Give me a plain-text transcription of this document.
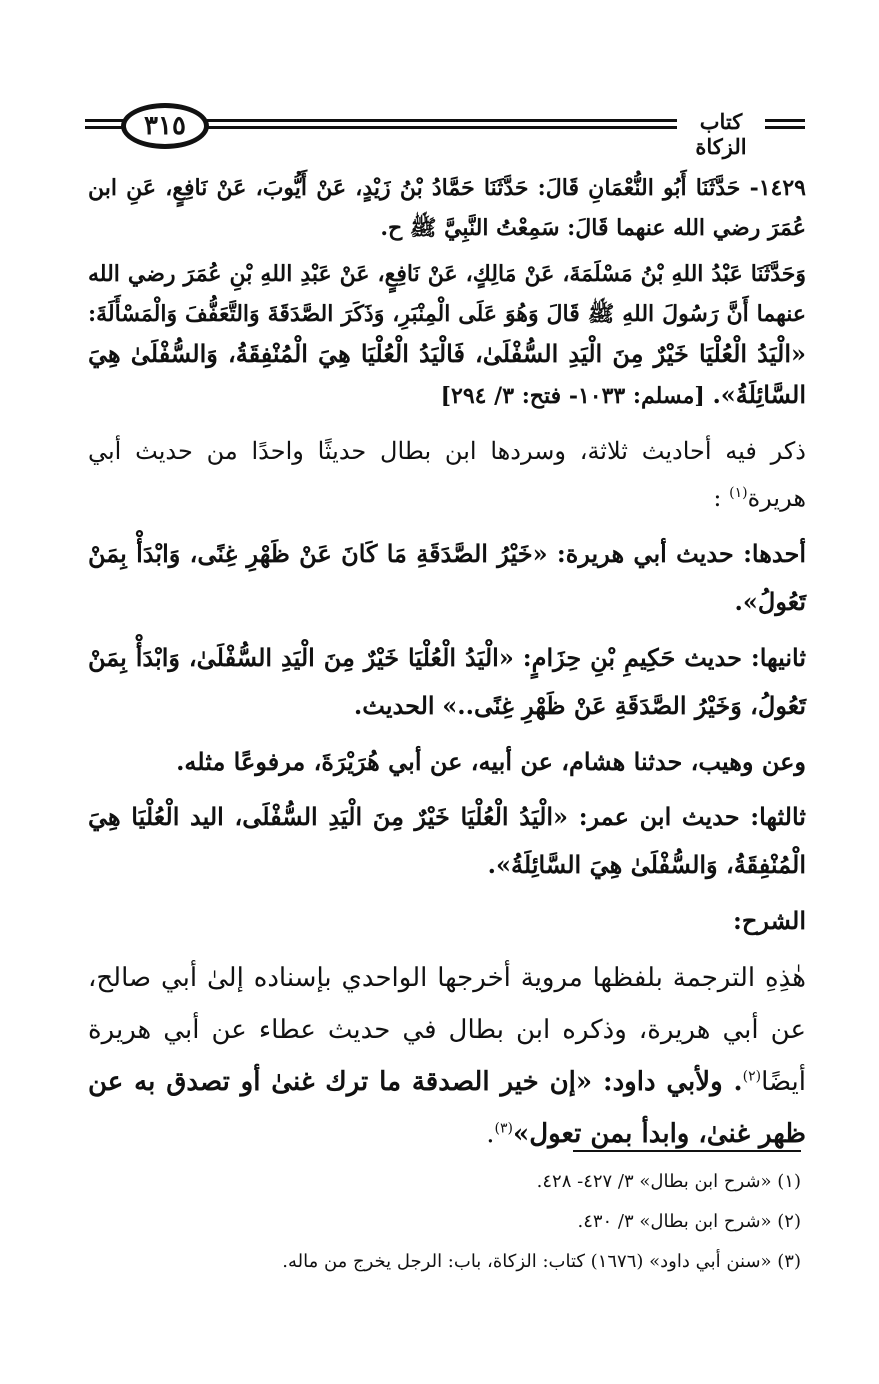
٣١٥	كتاب الزكاة

١٤٢٩- حَدَّثَنَا أَبُو النُّعْمَانِ قَالَ: حَدَّثَنَا حَمَّادُ بْنُ زَيْدٍ، عَنْ أَيُّوبَ، عَنْ نَافِعٍ، عَنِ ابن عُمَرَ رضي الله عنهما قَالَ: سَمِعْتُ النَّبِيَّ ﷺ ح.

وَحَدَّثَنَا عَبْدُ اللهِ بْنُ مَسْلَمَةَ، عَنْ مَالِكٍ، عَنْ نَافِعٍ، عَنْ عَبْدِ اللهِ بْنِ عُمَرَ رضي الله عنهما أَنَّ رَسُولَ اللهِ ﷺ قَالَ وَهُوَ عَلَى الْمِنْبَرِ، وَذَكَرَ الصَّدَقَةَ وَالتَّعَفُّفَ وَالْمَسْأَلَةَ: «الْيَدُ الْعُلْيَا خَيْرٌ مِنَ الْيَدِ السُّفْلَىٰ، فَالْيَدُ الْعُلْيَا هِيَ الْمُنْفِقَةُ، وَالسُّفْلَىٰ هِيَ السَّائِلَةُ». [مسلم: ١٠٣٣- فتح: ٣/ ٢٩٤]

ذكر فيه أحاديث ثلاثة، وسردها ابن بطال حديثًا واحدًا من حديث أبي هريرة$^{(١)}$ :

أحدها: حديث أبي هريرة: «خَيْرُ الصَّدَقَةِ مَا كَانَ عَنْ ظَهْرِ غِنًى، وَابْدَأْ بِمَنْ تَعُولُ».

ثانيها: حديث حَكِيمِ بْنِ حِزَامٍ: «الْيَدُ الْعُلْيَا خَيْرٌ مِنَ الْيَدِ السُّفْلَىٰ، وَابْدَأْ بِمَنْ تَعُولُ، وَخَيْرُ الصَّدَقَةِ عَنْ ظَهْرِ غِنًى..» الحديث.

وعن وهيب، حدثنا هشام، عن أبيه، عن أبي هُرَيْرَةَ، مرفوعًا مثله.

ثالثها: حديث ابن عمر: «الْيَدُ الْعُلْيَا خَيْرٌ مِنَ الْيَدِ السُّفْلَى، اليد الْعُلْيَا هِيَ الْمُنْفِقَةُ، وَالسُّفْلَىٰ هِيَ السَّائِلَةُ».

الشرح:

هٰذِهِ الترجمة بلفظها مروية أخرجها الواحدي بإسناده إلىٰ أبي صالح، عن أبي هريرة، وذكره ابن بطال في حديث عطاء عن أبي هريرة أيضًا$^{(٢)}$. ولأبي داود: «إن خير الصدقة ما ترك غنىٰ أو تصدق به عن ظهر غنىٰ، وابدأ بمن تعول»$^{(٣)}$.

(١) «شرح ابن بطال» ٣/ ٤٢٧- ٤٢٨.
(٢) «شرح ابن بطال» ٣/ ٤٣٠.
(٣) «سنن أبي داود» (١٦٧٦) كتاب: الزكاة، باب: الرجل يخرج من ماله.
